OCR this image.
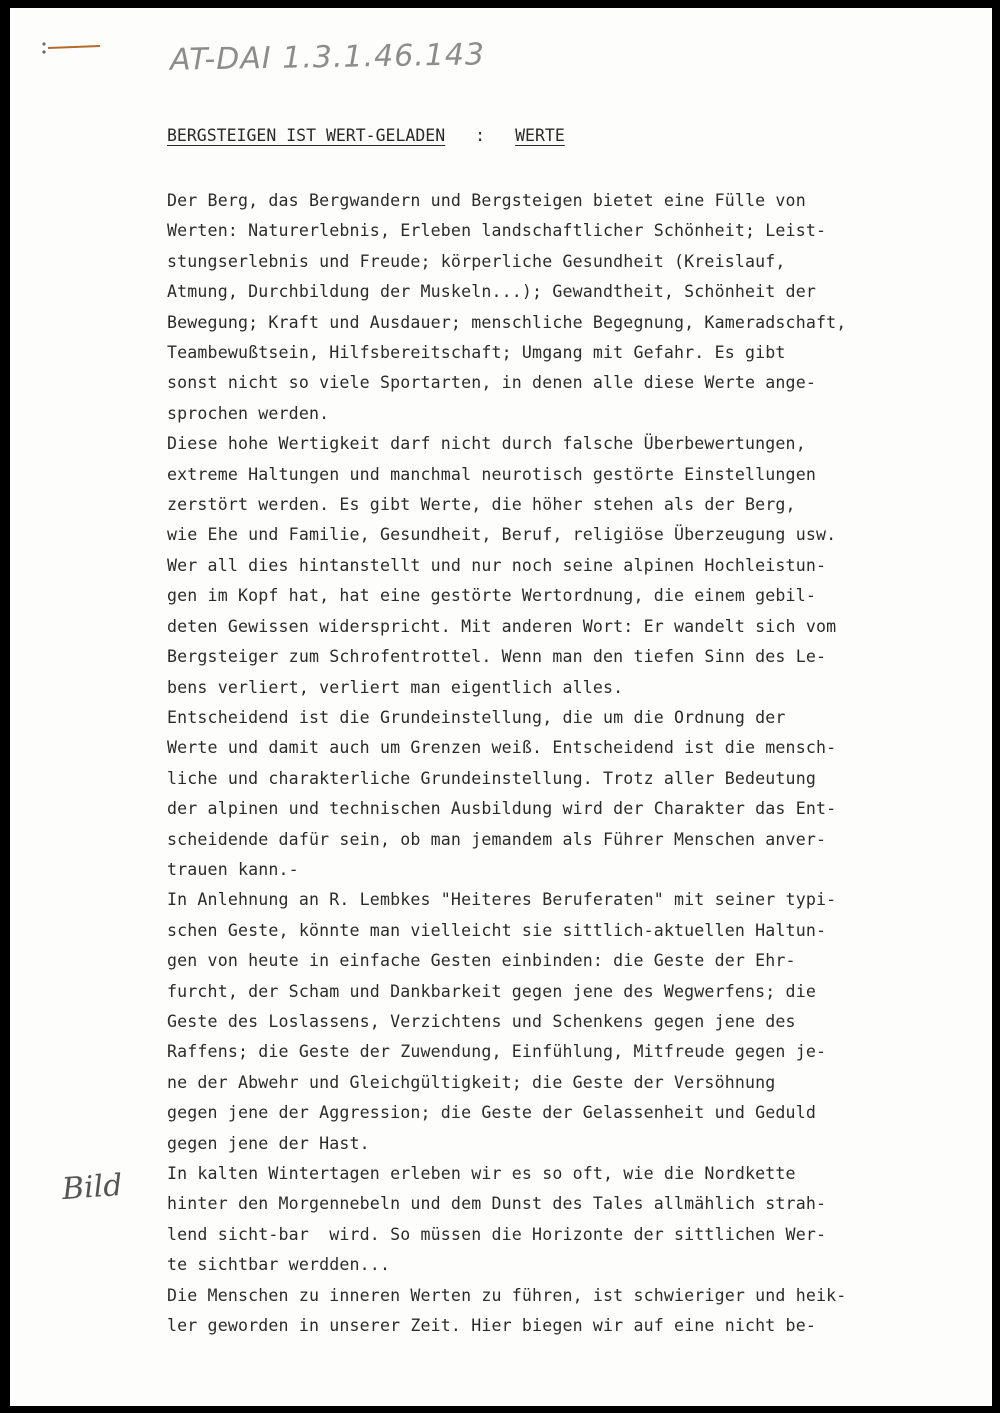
AT-DAI 1.3.1.46.143
BERGSTEIGEN IST WERT-GELADEN : WERTE
Bild
Der Berg, das Bergwandern und Bergsteigen bietet eine Fülle von
Werten: Naturerlebnis, Erleben landschaftlicher Schönheit; Leist-
stungserlebnis und Freude; körperliche Gesundheit (Kreislauf,
Atmung, Durchbildung der Muskeln...); Gewandtheit, Schönheit der
Bewegung; Kraft und Ausdauer; menschliche Begegnung, Kameradschaft,
Teambewußtsein, Hilfsbereitschaft; Umgang mit Gefahr. Es gibt
sonst nicht so viele Sportarten, in denen alle diese Werte ange-
sprochen werden.
Diese hohe Wertigkeit darf nicht durch falsche Überbewertungen,
extreme Haltungen und manchmal neurotisch gestörte Einstellungen
zerstört werden. Es gibt Werte, die höher stehen als der Berg,
wie Ehe und Familie, Gesundheit, Beruf, religiöse Überzeugung usw.
Wer all dies hintanstellt und nur noch seine alpinen Hochleistun-
gen im Kopf hat, hat eine gestörte Wertordnung, die einem gebil-
deten Gewissen widerspricht. Mit anderen Wort: Er wandelt sich vom
Bergsteiger zum Schrofentrottel. Wenn man den tiefen Sinn des Le-
bens verliert, verliert man eigentlich alles.
Entscheidend ist die Grundeinstellung, die um die Ordnung der
Werte und damit auch um Grenzen weiß. Entscheidend ist die mensch-
liche und charakterliche Grundeinstellung. Trotz aller Bedeutung
der alpinen und technischen Ausbildung wird der Charakter das Ent-
scheidende dafür sein, ob man jemandem als Führer Menschen anver-
trauen kann.-
In Anlehnung an R. Lembkes "Heiteres Beruferaten" mit seiner typi-
schen Geste, könnte man vielleicht sie sittlich-aktuellen Haltun-
gen von heute in einfache Gesten einbinden: die Geste der Ehr-
furcht, der Scham und Dankbarkeit gegen jene des Wegwerfens; die
Geste des Loslassens, Verzichtens und Schenkens gegen jene des
Raffens; die Geste der Zuwendung, Einfühlung, Mitfreude gegen je-
ne der Abwehr und Gleichgültigkeit; die Geste der Versöhnung
gegen jene der Aggression; die Geste der Gelassenheit und Geduld
gegen jene der Hast.
In kalten Wintertagen erleben wir es so oft, wie die Nordkette
hinter den Morgennebeln und dem Dunst des Tales allmählich strah-
lend sicht-bar  wird. So müssen die Horizonte der sittlichen Wer-
te sichtbar werdden...
Die Menschen zu inneren Werten zu führen, ist schwieriger und heik-
ler geworden in unserer Zeit. Hier biegen wir auf eine nicht be-
